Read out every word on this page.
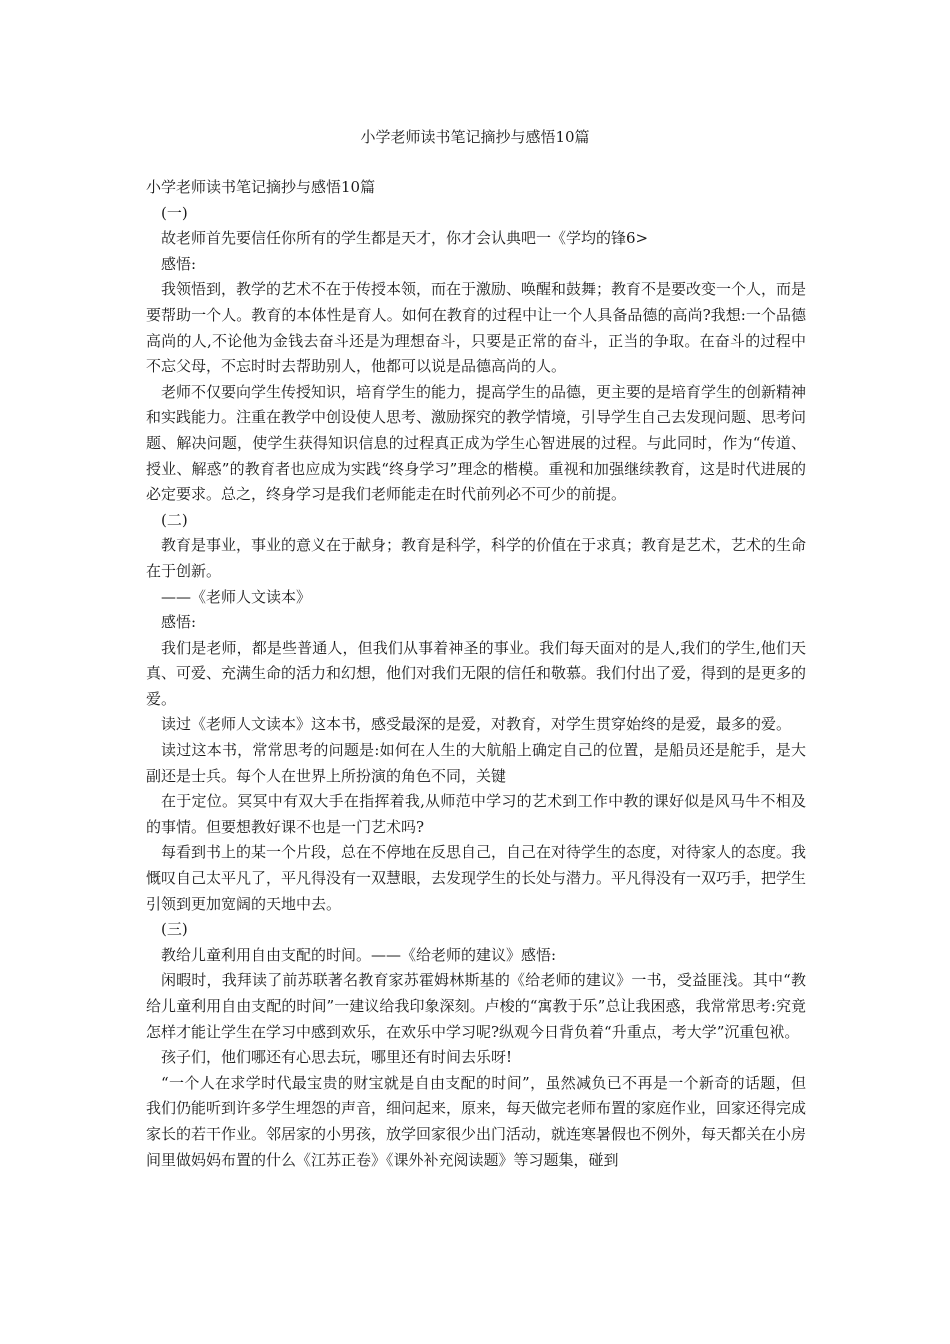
小学老师读书笔记摘抄与感悟10篇

小学老师读书笔记摘抄与感悟10篇

(一)

故老师首先要信任你所有的学生都是天才，你才会认典吧一《学均的锋6>

感悟:

我领悟到，教学的艺术不在于传授本领，而在于激励、唤醒和鼓舞；教育不是要改变一个人，而是要帮助一个人。教育的本体性是育人。如何在教育的过程中让一个人具备品德的高尚?我想:一个品德高尚的人,不论他为金钱去奋斗还是为理想奋斗，只要是正常的奋斗，正当的争取。在奋斗的过程中不忘父母，不忘时时去帮助别人，他都可以说是品德高尚的人。

老师不仅要向学生传授知识，培育学生的能力，提高学生的品德，更主要的是培育学生的创新精神和实践能力。注重在教学中创设使人思考、激励探究的教学情境，引导学生自己去发现问题、思考问题、解决问题，使学生获得知识信息的过程真正成为学生心智进展的过程。与此同时，作为“传道、授业、解惑”的教育者也应成为实践“终身学习”理念的楷模。重视和加强继续教育，这是时代进展的必定要求。总之，终身学习是我们老师能走在时代前列必不可少的前提。

(二)

教育是事业，事业的意义在于献身；教育是科学，科学的价值在于求真；教育是艺术，艺术的生命在于创新。

——《老师人文读本》

感悟:

我们是老师，都是些普通人，但我们从事着神圣的事业。我们每天面对的是人,我们的学生,他们天真、可爱、充满生命的活力和幻想，他们对我们无限的信任和敬慕。我们付出了爱，得到的是更多的爱。

读过《老师人文读本》这本书，感受最深的是爱，对教育，对学生贯穿始终的是爱，最多的爱。

读过这本书，常常思考的问题是:如何在人生的大航船上确定自己的位置，是船员还是舵手，是大副还是士兵。每个人在世界上所扮演的角色不同，关键

在于定位。冥冥中有双大手在指挥着我,从师范中学习的艺术到工作中教的课好似是风马牛不相及的事情。但要想教好课不也是一门艺术吗?

每看到书上的某一个片段，总在不停地在反思自己，自己在对待学生的态度，对待家人的态度。我慨叹自己太平凡了，平凡得没有一双慧眼，去发现学生的长处与潜力。平凡得没有一双巧手，把学生引领到更加宽阔的天地中去。

(三)

教给儿童利用自由支配的时间。——《给老师的建议》感悟:

闲暇时，我拜读了前苏联著名教育家苏霍姆林斯基的《给老师的建议》一书，受益匪浅。其中“教给儿童利用自由支配的时间”一建议给我印象深刻。卢梭的“寓教于乐”总让我困惑，我常常思考:究竟怎样才能让学生在学习中感到欢乐，在欢乐中学习呢?纵观今日背负着“升重点，考大学”沉重包袱。

孩子们，他们哪还有心思去玩，哪里还有时间去乐呀!

“一个人在求学时代最宝贵的财宝就是自由支配的时间”，虽然减负已不再是一个新奇的话题，但我们仍能听到许多学生埋怨的声音，细问起来，原来，每天做完老师布置的家庭作业，回家还得完成家长的若干作业。邻居家的小男孩，放学回家很少出门活动，就连寒暑假也不例外，每天都关在小房间里做妈妈布置的什么《江苏正卷》《课外补充阅读题》等习题集，碰到
